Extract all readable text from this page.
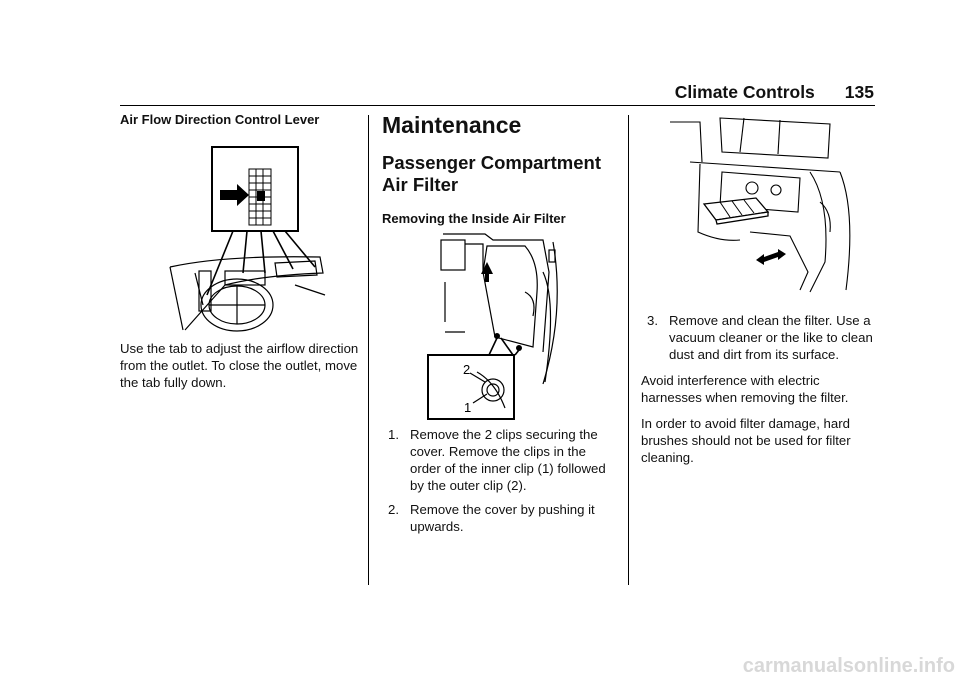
Climate Controls 135

Air Flow Direction Control Lever

Use the tab to adjust the airflow direction from the outlet. To close the outlet, move the tab fully down.

Maintenance

Passenger Compartment

Air Filter

Removing the Inside Air Filter

2
1
1. Remove the 2 clips securing the cover. Remove the clips in the order of the inner clip (1) followed by the outer clip (2).
2. Remove the cover by pushing it upwards.
3. Remove and clean the filter. Use a vacuum cleaner or the like to clean dust and dirt from its surface.

Avoid interference with electric harnesses when removing the filter.

In order to avoid filter damage, hard brushes should not be used for filter cleaning.

carmanualsonline.info
